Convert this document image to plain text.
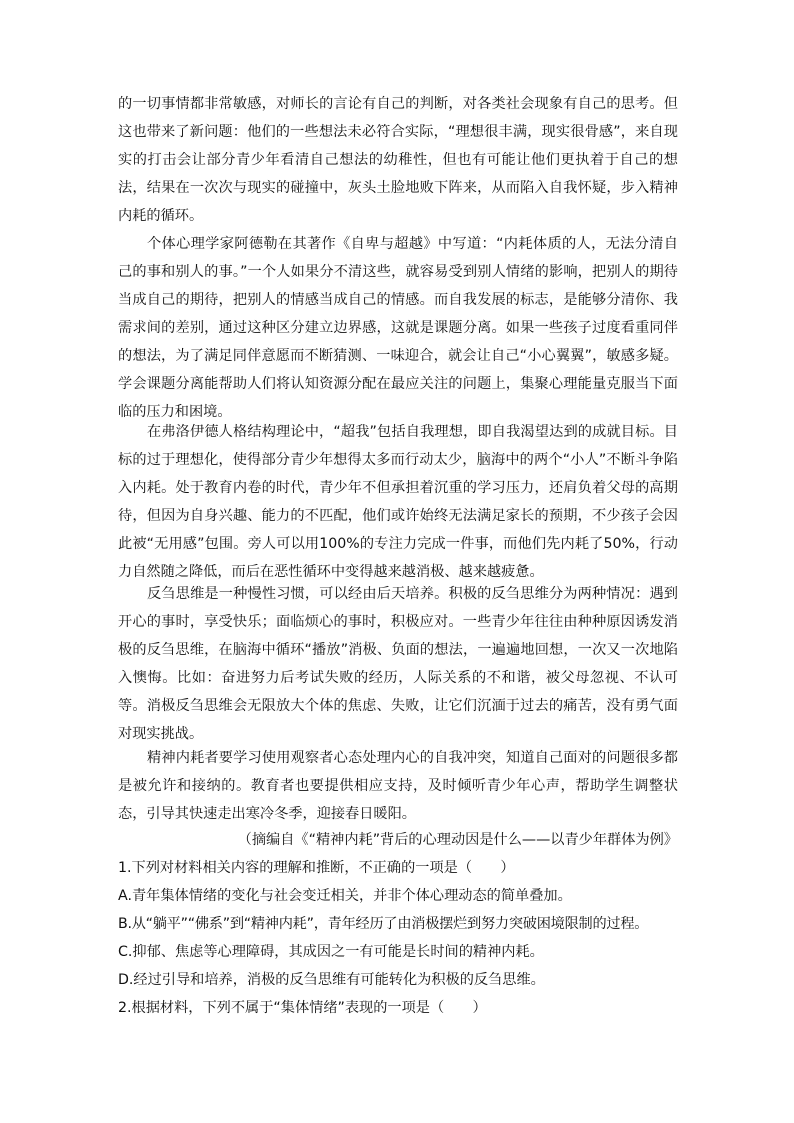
的一切事情都非常敏感，对师长的言论有自己的判断，对各类社会现象有自己的思考。但这也带来了新问题：他们的一些想法未必符合实际，“理想很丰满，现实很骨感”，来自现实的打击会让部分青少年看清自己想法的幼稚性，但也有可能让他们更执着于自己的想法，结果在一次次与现实的碰撞中，灰头土脸地败下阵来，从而陷入自我怀疑，步入精神内耗的循环。

个体心理学家阿德勒在其著作《自卑与超越》中写道：“内耗体质的人，无法分清自己的事和别人的事。”一个人如果分不清这些，就容易受到别人情绪的影响，把别人的期待当成自己的期待，把别人的情感当成自己的情感。而自我发展的标志，是能够分清你、我需求间的差别，通过这种区分建立边界感，这就是课题分离。如果一些孩子过度看重同伴的想法，为了满足同伴意愿而不断猜测、一味迎合，就会让自己“小心翼翼”，敏感多疑。学会课题分离能帮助人们将认知资源分配在最应关注的问题上，集聚心理能量克服当下面临的压力和困境。

在弗洛伊德人格结构理论中，“超我”包括自我理想，即自我渴望达到的成就目标。目标的过于理想化，使得部分青少年想得太多而行动太少，脑海中的两个“小人”不断斗争陷入内耗。处于教育内卷的时代，青少年不但承担着沉重的学习压力，还肩负着父母的高期待，但因为自身兴趣、能力的不匹配，他们或许始终无法满足家长的预期，不少孩子会因此被“无用感”包围。旁人可以用100%的专注力完成一件事，而他们先内耗了50%，行动力自然随之降低，而后在恶性循环中变得越来越消极、越来越疲惫。

反刍思维是一种慢性习惯，可以经由后天培养。积极的反刍思维分为两种情况：遇到开心的事时，享受快乐；面临烦心的事时，积极应对。一些青少年往往由种种原因诱发消极的反刍思维，在脑海中循环“播放”消极、负面的想法，一遍遍地回想，一次又一次地陷入懊悔。比如：奋进努力后考试失败的经历，人际关系的不和谐，被父母忽视、不认可等。消极反刍思维会无限放大个体的焦虑、失败，让它们沉湎于过去的痛苦，没有勇气面对现实挑战。

精神内耗者要学习使用观察者心态处理内心的自我冲突，知道自己面对的问题很多都是被允许和接纳的。教育者也要提供相应支持，及时倾听青少年心声，帮助学生调整状态，引导其快速走出寒冷冬季，迎接春日暖阳。

（摘编自《“精神内耗”背后的心理动因是什么——以青少年群体为例》

1.下列对材料相关内容的理解和推断，不正确的一项是（　　）

A.青年集体情绪的变化与社会变迁相关，并非个体心理动态的简单叠加。

B.从“躺平”“佛系”到“精神内耗”，青年经历了由消极摆烂到努力突破困境限制的过程。

C.抑郁、焦虑等心理障碍，其成因之一有可能是长时间的精神内耗。

D.经过引导和培养，消极的反刍思维有可能转化为积极的反刍思维。

2.根据材料，下列不属于“集体情绪”表现的一项是（　　）
